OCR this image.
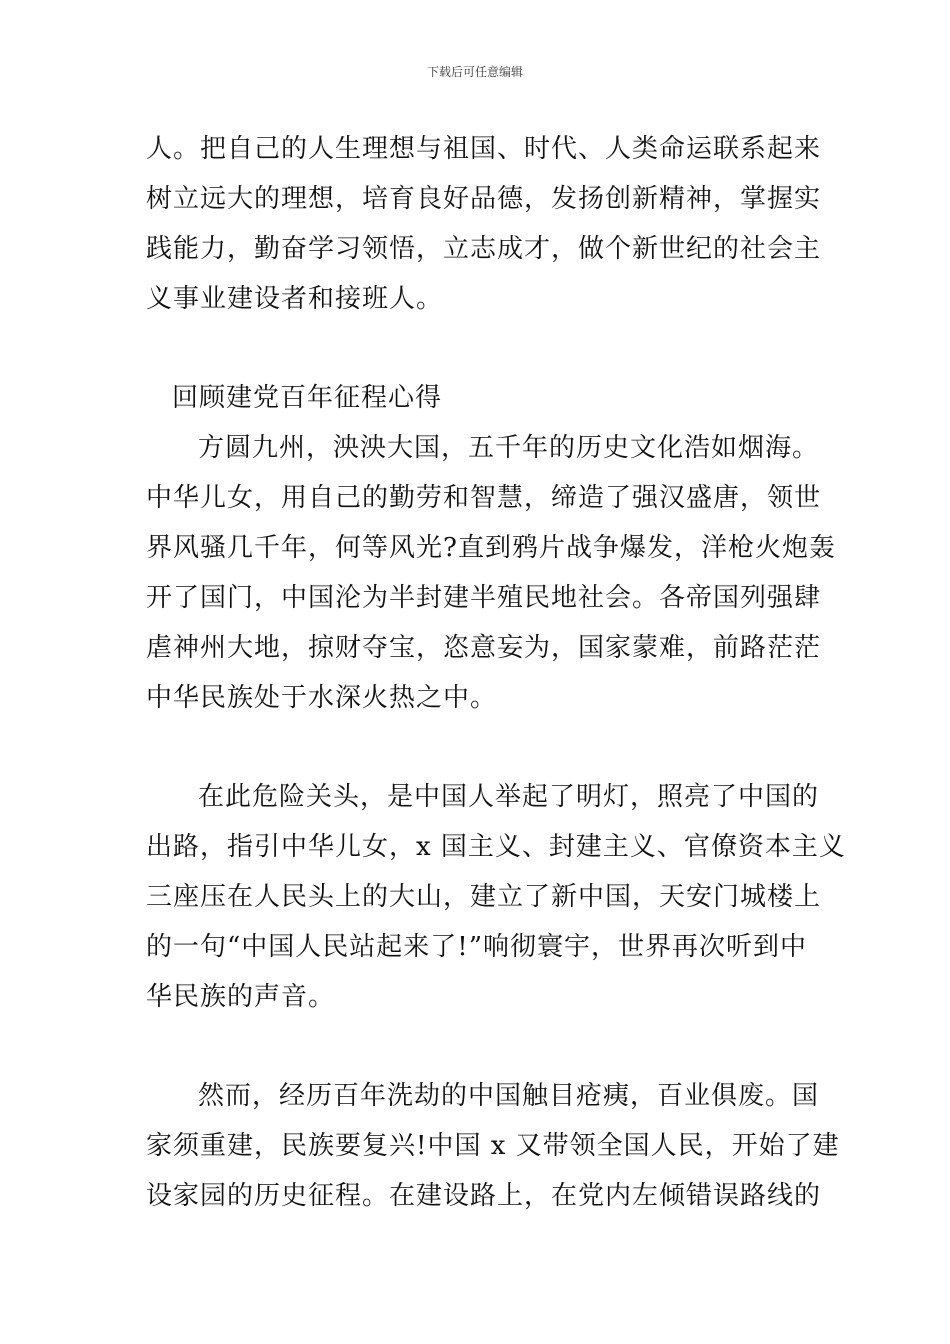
下载后可任意编辑
人。把自己的人生理想与祖国、时代、人类命运联系起来
树立远大的理想，培育良好品德，发扬创新精神，掌握实
践能力，勤奋学习领悟，立志成才，做个新世纪的社会主
义事业建设者和接班人。
回顾建党百年征程心得
方圆九州，泱泱大国，五千年的历史文化浩如烟海。
中华儿女，用自己的勤劳和智慧，缔造了强汉盛唐，领世
界风骚几千年，何等风光?直到鸦片战争爆发，洋枪火炮轰
开了国门，中国沦为半封建半殖民地社会。各帝国列强肆
虐神州大地，掠财夺宝，恣意妄为，国家蒙难，前路茫茫
中华民族处于水深火热之中。
在此危险关头，是中国人举起了明灯，照亮了中国的
出路，指引中华儿女，x 国主义、封建主义、官僚资本主义
三座压在人民头上的大山，建立了新中国，天安门城楼上
的一句“中国人民站起来了!”响彻寰宇，世界再次听到中
华民族的声音。
然而，经历百年洗劫的中国触目疮痍，百业俱废。国
家须重建，民族要复兴!中国 x 又带领全国人民，开始了建
设家园的历史征程。在建设路上，在党内左倾错误路线的
